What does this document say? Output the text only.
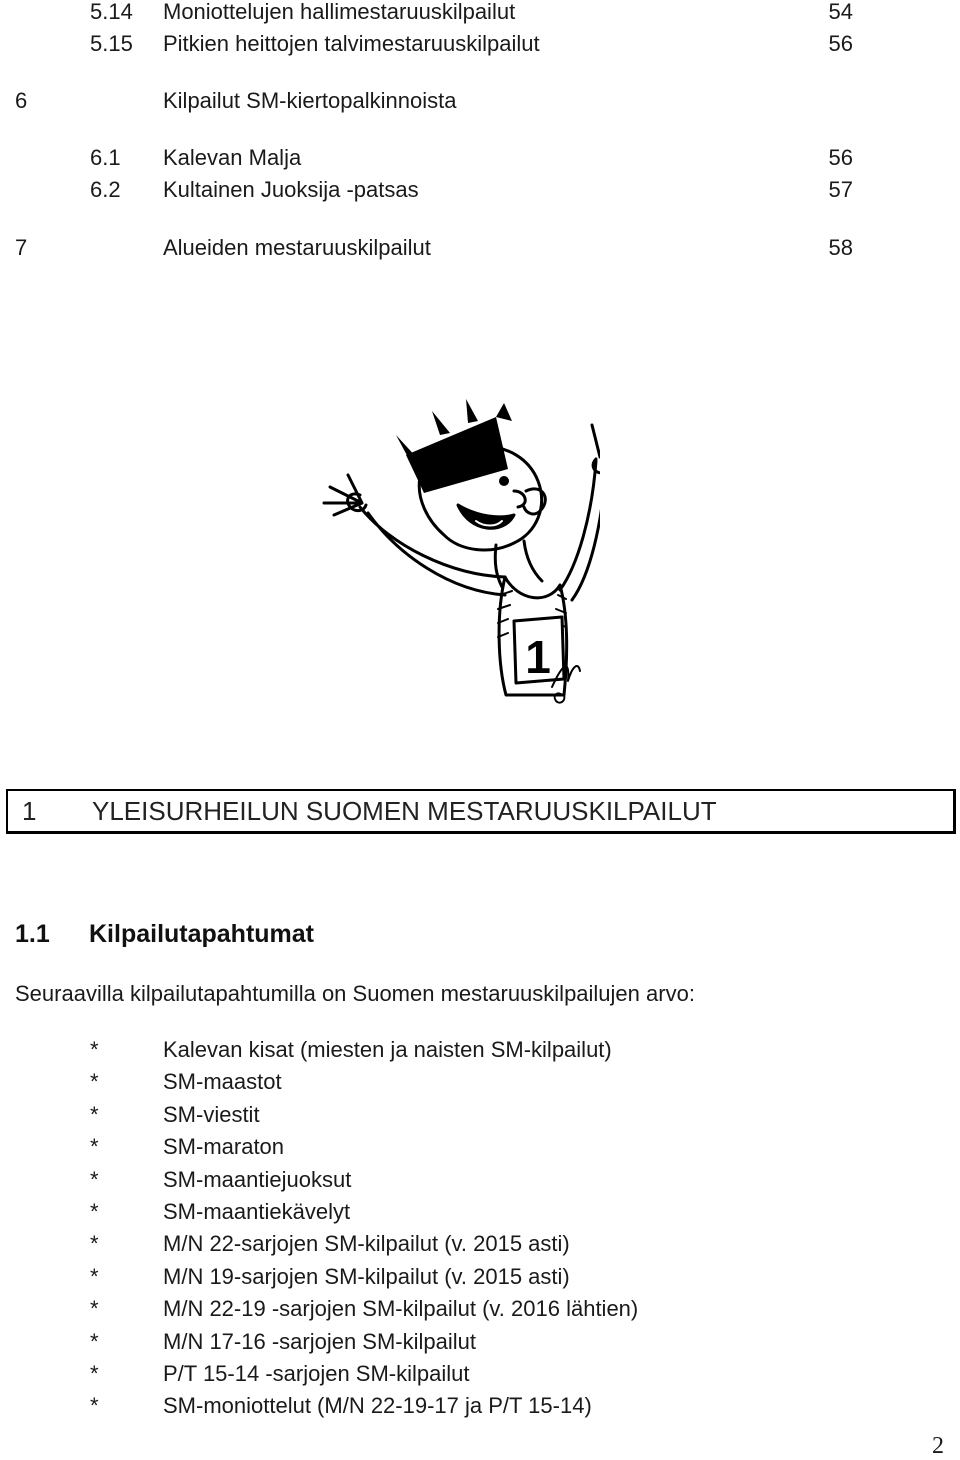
5.14 Moniottelujen hallimestaruuskilpailut	54
5.15 Pitkien heittojen talvimestaruuskilpailut	56
6	Kilpailut SM-kiertopalkinnoista
6.1 Kalevan Malja	56
6.2 Kultainen Juoksija -patsas	57
7	Alueiden mestaruuskilpailut	58
1
1 YLEISURHEILUN SUOMEN MESTARUUSKILPAILUT
1.1 Kilpailutapahtumat
Seuraavilla kilpailutapahtumilla on Suomen mestaruuskilpailujen arvo:
*	Kalevan kisat (miesten ja naisten SM-kilpailut)
*	SM-maastot
*	SM-viestit
*	SM-maraton
*	SM-maantiejuoksut
*	SM-maantiekävelyt
*	M/N 22-sarjojen SM-kilpailut (v. 2015 asti)
*	M/N 19-sarjojen SM-kilpailut (v. 2015 asti)
*	M/N 22-19 -sarjojen SM-kilpailut (v. 2016 lähtien)
*	M/N 17-16 -sarjojen SM-kilpailut
*	P/T 15-14 -sarjojen SM-kilpailut
*	SM-moniottelut (M/N 22-19-17 ja P/T 15-14)
2
